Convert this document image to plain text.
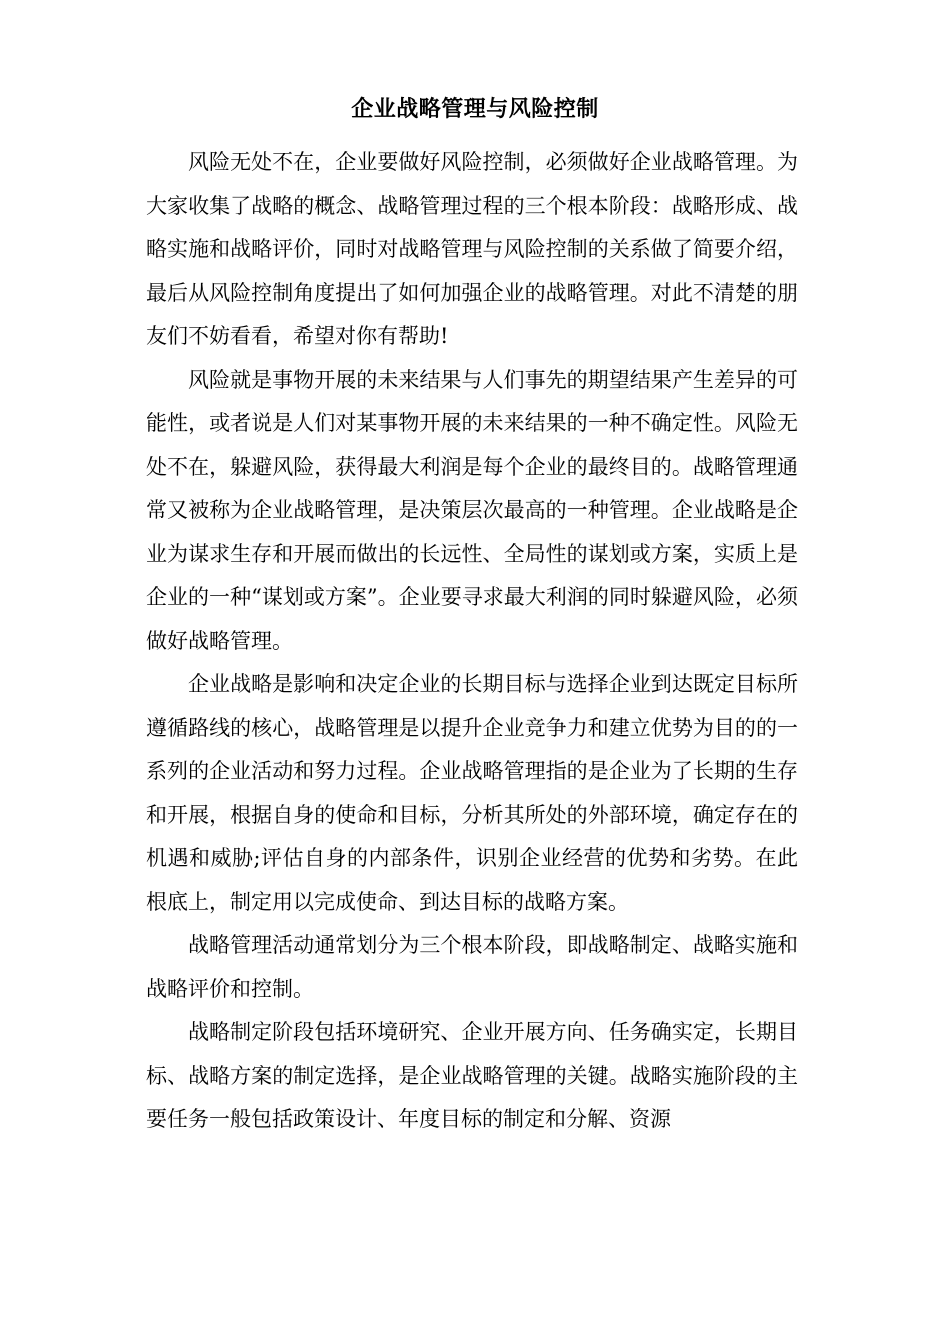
企业战略管理与风险控制

风险无处不在，企业要做好风险控制，必须做好企业战略管理。为大家收集了战略的概念、战略管理过程的三个根本阶段：战略形成、战略实施和战略评价，同时对战略管理与风险控制的关系做了简要介绍，最后从风险控制角度提出了如何加强企业的战略管理。对此不清楚的朋友们不妨看看，希望对你有帮助!

风险就是事物开展的未来结果与人们事先的期望结果产生差异的可能性，或者说是人们对某事物开展的未来结果的一种不确定性。风险无处不在，躲避风险，获得最大利润是每个企业的最终目的。战略管理通常又被称为企业战略管理，是决策层次最高的一种管理。企业战略是企业为谋求生存和开展而做出的长远性、全局性的谋划或方案，实质上是企业的一种“谋划或方案”。企业要寻求最大利润的同时躲避风险，必须做好战略管理。

企业战略是影响和决定企业的长期目标与选择企业到达既定目标所遵循路线的核心，战略管理是以提升企业竞争力和建立优势为目的的一系列的企业活动和努力过程。企业战略管理指的是企业为了长期的生存和开展，根据自身的使命和目标，分析其所处的外部环境，确定存在的机遇和威胁;评估自身的内部条件，识别企业经营的优势和劣势。在此根底上，制定用以完成使命、到达目标的战略方案。

战略管理活动通常划分为三个根本阶段，即战略制定、战略实施和战略评价和控制。

战略制定阶段包括环境研究、企业开展方向、任务确实定，长期目标、战略方案的制定选择，是企业战略管理的关键。战略实施阶段的主要任务一般包括政策设计、年度目标的制定和分解、资源
